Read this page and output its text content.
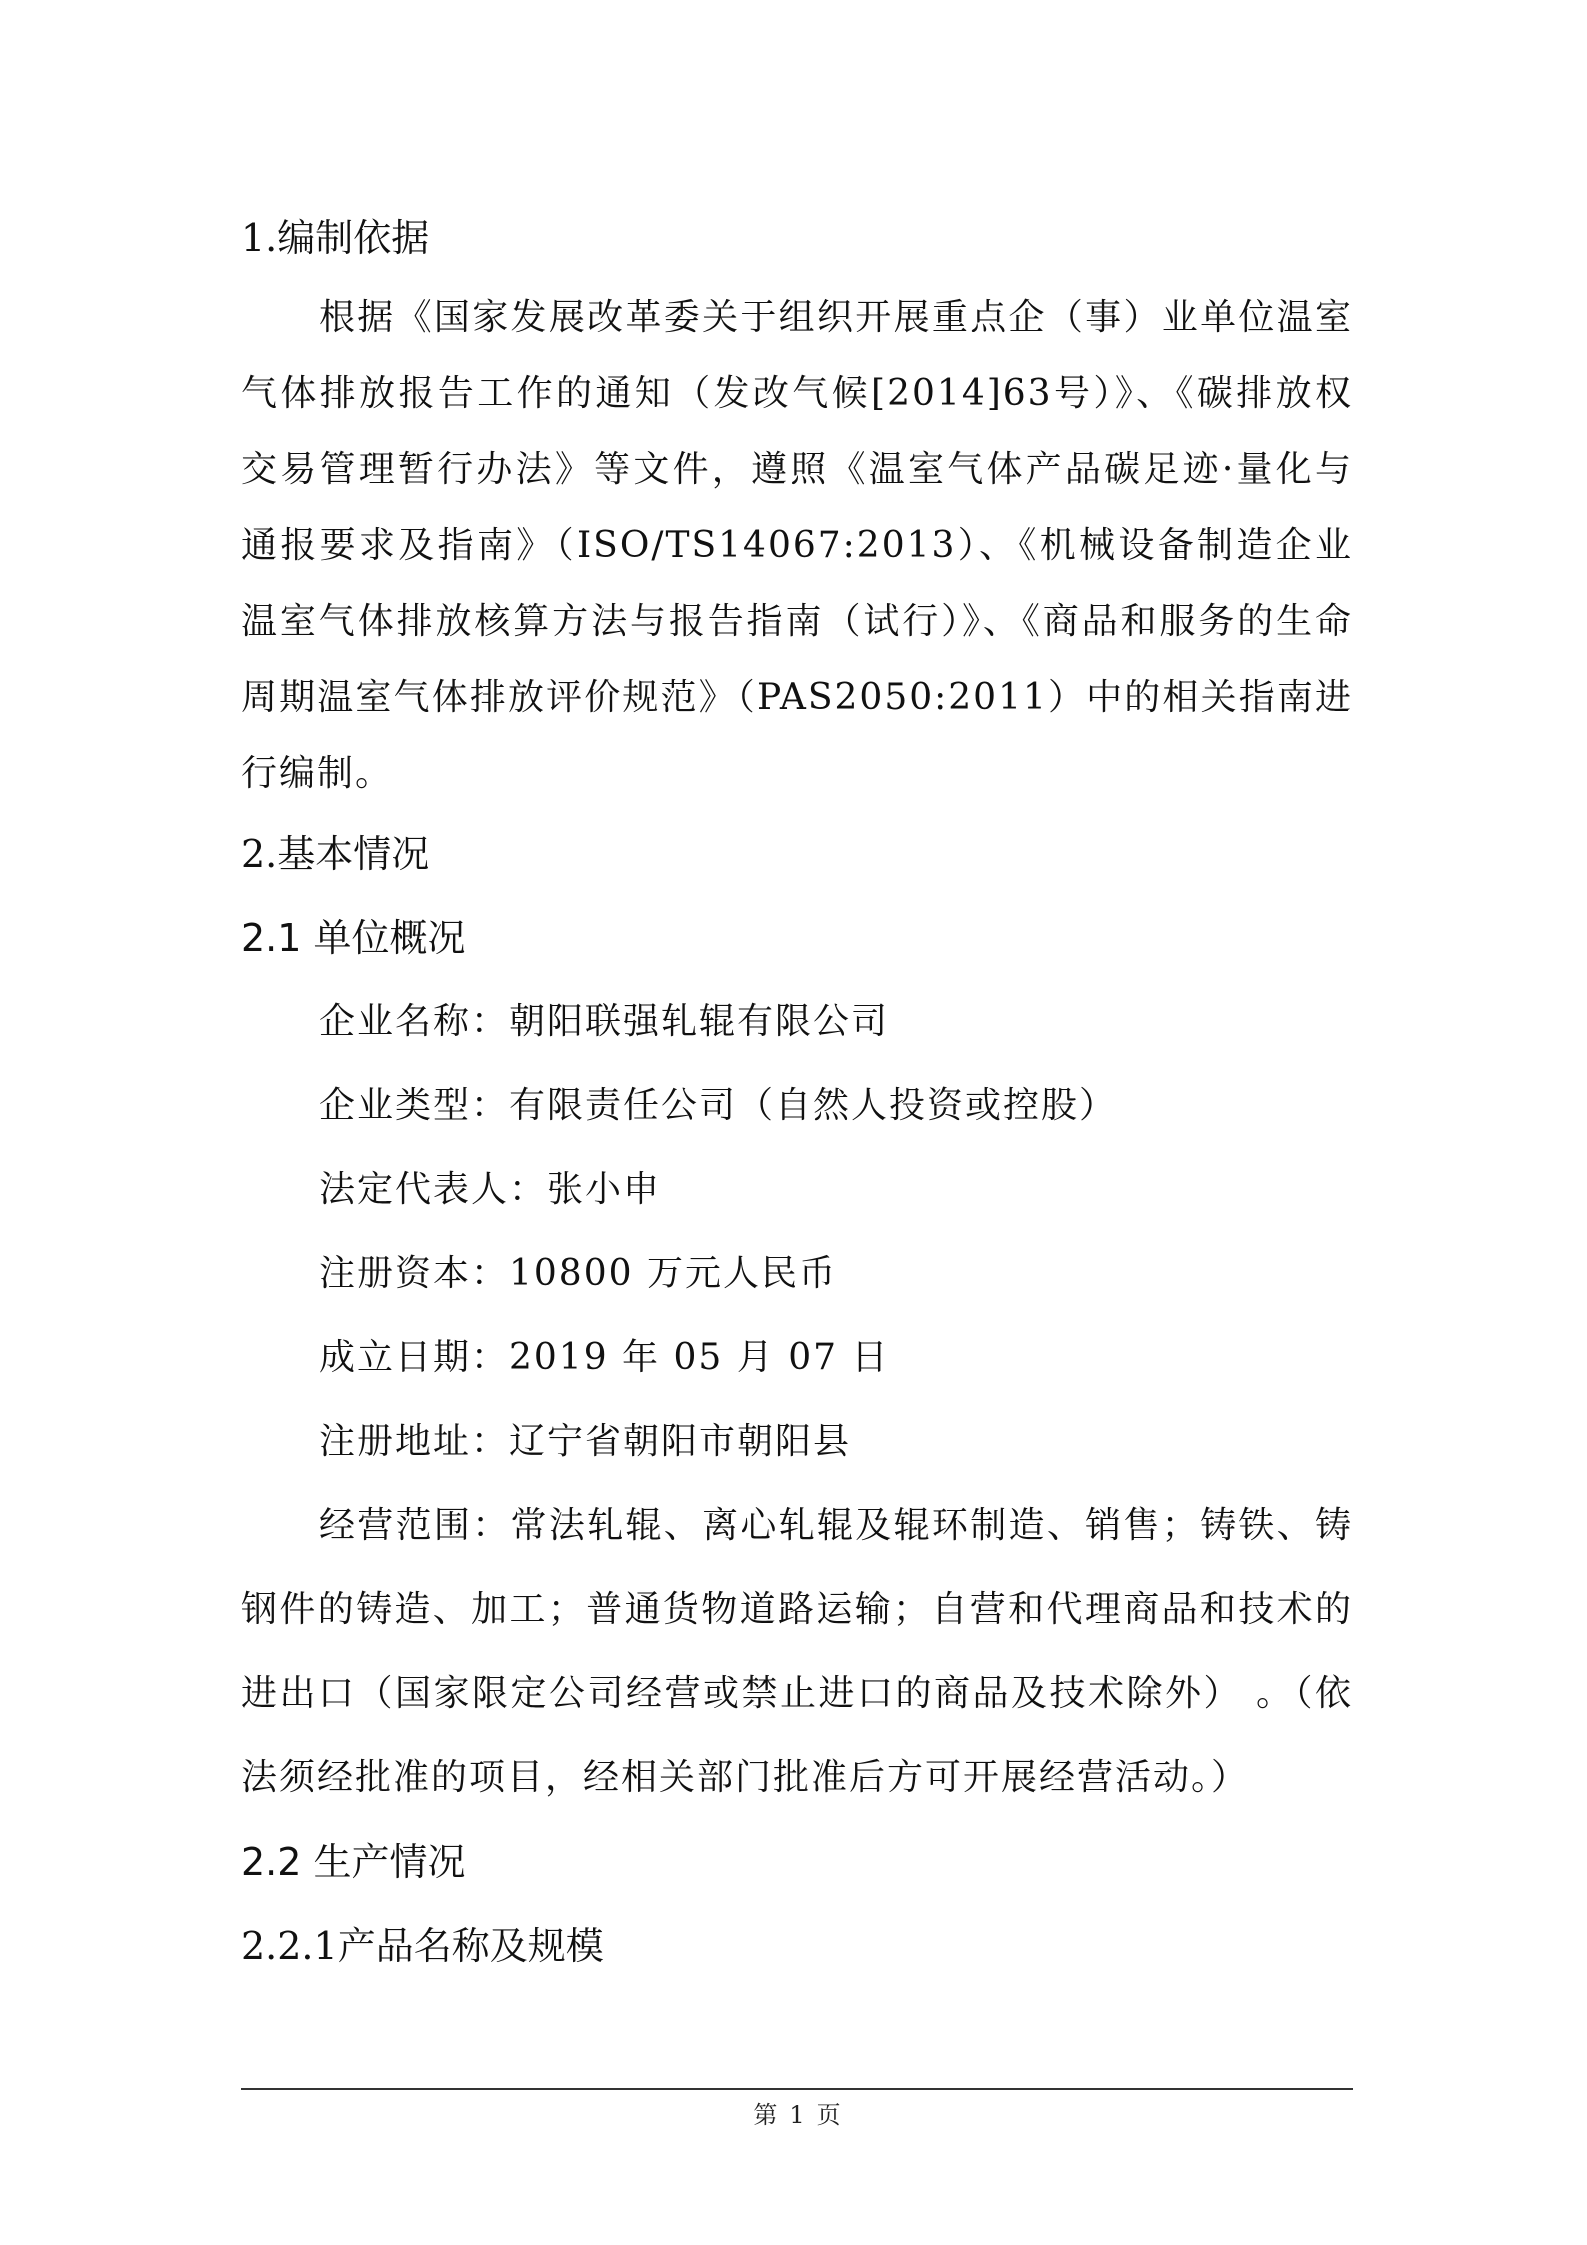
1.编制依据

根据《国家发展改革委关于组织开展重点企（事）业单位温室气体排放报告工作的通知（发改气候[2014]63号）》、《碳排放权交易管理暂行办法》等文件，遵照《温室气体产品碳足迹·量化与通报要求及指南》（ISO/TS14067:2013）、《机械设备制造企业温室气体排放核算方法与报告指南（试行）》、《商品和服务的生命周期温室气体排放评价规范》（PAS2050:2011）中的相关指南进行编制。

2.基本情况
2.1 单位概况
企业名称：朝阳联强轧辊有限公司
企业类型：有限责任公司（自然人投资或控股）
法定代表人：张小申
注册资本：10800 万元人民币
成立日期：2019 年 05 月 07 日
注册地址：辽宁省朝阳市朝阳县

经营范围：常法轧辊、离心轧辊及辊环制造、销售；铸铁、铸钢件的铸造、加工；普通货物道路运输；自营和代理商品和技术的进出口（国家限定公司经营或禁止进口的商品及技术除外） 。（依法须经批准的项目，经相关部门批准后方可开展经营活动。）

2.2 生产情况
2.2.1产品名称及规模
第 1 页
